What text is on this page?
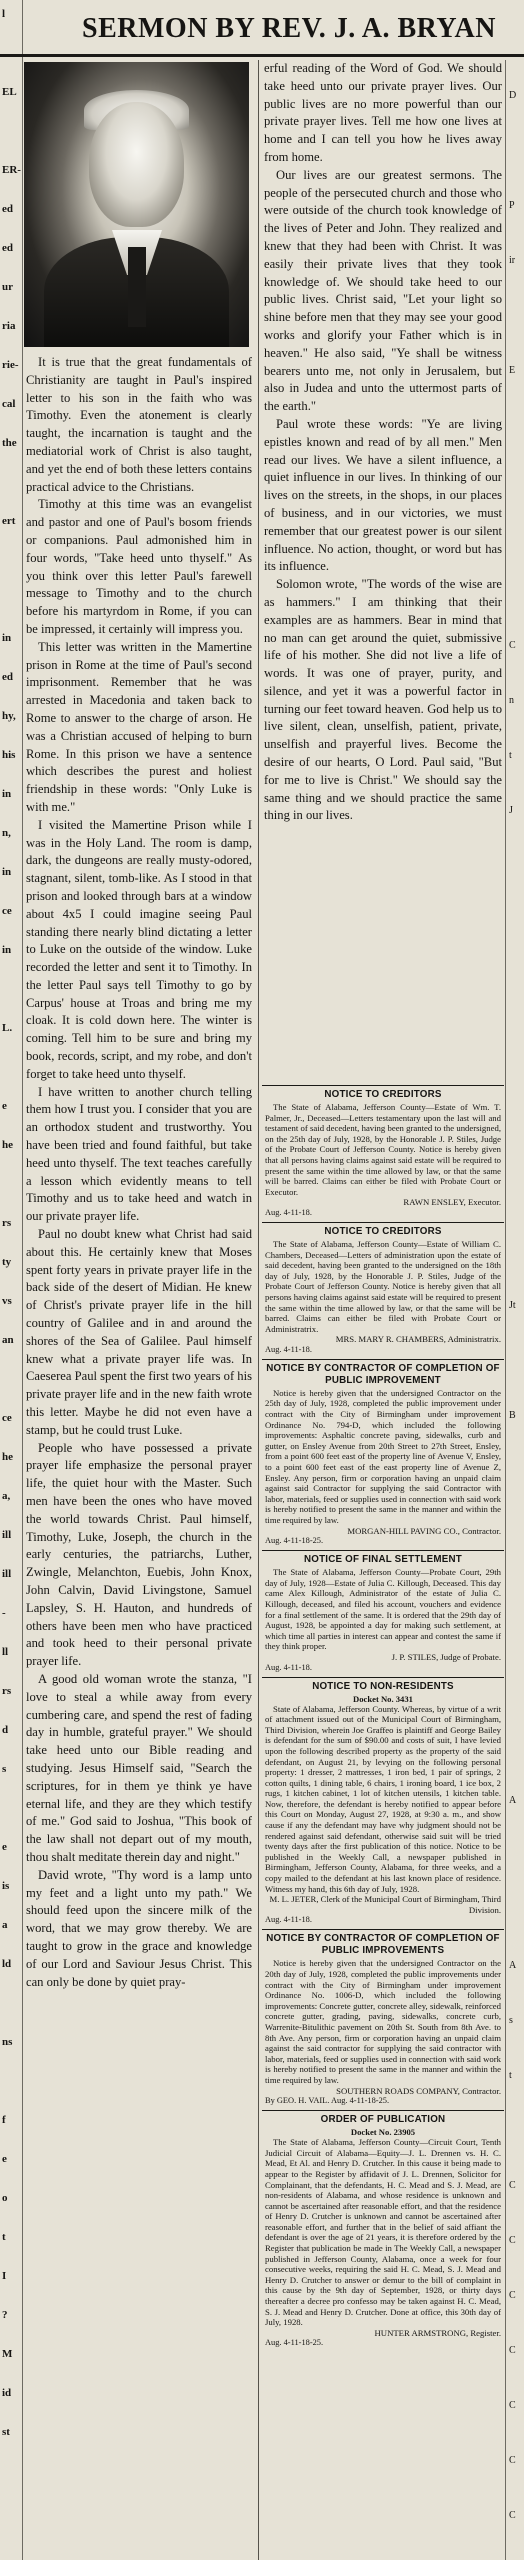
l
EL
ER-
ed
ed
ur
ria
rie-
cal
the
ert
in
ed
hy,
his
in
n,
in
ce
in
L.
e
he
rs
ty
vs
an
ce
he
a,
ill
ill
-
ll
rs
d
s
e
is
a
ld
ns
f
e
o
t
I
?
M
id
st
SERMON BY REV. J. A. BRYAN

It is true that the great fundamentals of Christianity are taught in Paul's inspired letter to his son in the faith who was Timothy. Even the atonement is clearly taught, the incarnation is taught and the mediatorial work of Christ is also taught, and yet the end of both these letters contains practical advice to the Christians.

Timothy at this time was an evangelist and pastor and one of Paul's bosom friends or companions. Paul admonished him in four words, "Take heed unto thyself." As you think over this letter Paul's farewell message to Timothy and to the church before his martyrdom in Rome, if you can be impressed, it certainly will impress you.

This letter was written in the Mamertine prison in Rome at the time of Paul's second imprisonment. Remember that he was arrested in Macedonia and taken back to Rome to answer to the charge of arson. He was a Christian accused of helping to burn Rome. In this prison we have a sentence which describes the purest and holiest friendship in these words: "Only Luke is with me."

I visited the Mamertine Prison while I was in the Holy Land. The room is damp, dark, the dungeons are really musty-odored, stagnant, silent, tomb-like. As I stood in that prison and looked through bars at a window about 4x5 I could imagine seeing Paul standing there nearly blind dictating a letter to Luke on the outside of the window. Luke recorded the letter and sent it to Timothy. In the letter Paul says tell Timothy to go by Carpus' house at Troas and bring me my cloak. It is cold down here. The winter is coming. Tell him to be sure and bring my book, records, script, and my robe, and don't forget to take heed unto thyself.

I have written to another church telling them how I trust you. I consider that you are an orthodox student and trustworthy. You have been tried and found faithful, but take heed unto thyself. The text teaches carefully a lesson which evidently means to tell Timothy and us to take heed and watch in our private prayer life.

Paul no doubt knew what Christ had said about this. He certainly knew that Moses spent forty years in private prayer life in the back side of the desert of Midian. He knew of Christ's private prayer life in the hill country of Galilee and in and around the shores of the Sea of Galilee. Paul himself knew what a private prayer life was. In Caeserea Paul spent the first two years of his private prayer life and in the new faith wrote this letter. Maybe he did not even have a stamp, but he could trust Luke.

People who have possessed a private prayer life emphasize the personal prayer life, the quiet hour with the Master. Such men have been the ones who have moved the world towards Christ. Paul himself, Timothy, Luke, Joseph, the church in the early centuries, the patriarchs, Luther, Zwingle, Melanchton, Euebis, John Knox, John Calvin, David Livingstone, Samuel Lapsley, S. H. Hauton, and hundreds of others have been men who have practiced and took heed to their personal private prayer life.

A good old woman wrote the stanza, "I love to steal a while away from every cumbering care, and spend the rest of fading day in humble, grateful prayer." We should take heed unto our Bible reading and studying. Jesus Himself said, "Search the scriptures, for in them ye think ye have eternal life, and they are they which testify of me." God said to Joshua, "This book of the law shall not depart out of my mouth, thou shalt meditate therein day and night."

David wrote, "Thy word is a lamp unto my feet and a light unto my path." We should feed upon the sincere milk of the word, that we may grow thereby. We are taught to grow in the grace and knowledge of our Lord and Saviour Jesus Christ. This can only be done by quiet pray-

erful reading of the Word of God. We should take heed unto our private prayer lives. Our public lives are no more powerful than our private prayer lives. Tell me how one lives at home and I can tell you how he lives away from home.

Our lives are our greatest sermons. The people of the persecuted church and those who were outside of the church took knowledge of the lives of Peter and John. They realized and knew that they had been with Christ. It was easily their private lives that they took knowledge of. We should take heed to our public lives. Christ said, "Let your light so shine before men that they may see your good works and glorify your Father which is in heaven." He also said, "Ye shall be witness bearers unto me, not only in Jerusalem, but also in Judea and unto the uttermost parts of the earth."

Paul wrote these words: "Ye are living epistles known and read of by all men." Men read our lives. We have a silent influence, a quiet influence in our lives. In thinking of our lives on the streets, in the shops, in our places of business, and in our victories, we must remember that our greatest power is our silent influence. No action, thought, or word but has its influence.

Solomon wrote, "The words of the wise are as hammers." I am thinking that their examples are as hammers. Bear in mind that no man can get around the quiet, submissive life of his mother. She did not live a life of words. It was one of prayer, purity, and silence, and yet it was a powerful factor in turning our feet toward heaven. God help us to live silent, clean, unselfish, patient, private, unselfish and prayerful lives. Become the desire of our hearts, O Lord. Paul said, "But for me to live is Christ." We should say the same thing and we should practice the same thing in our lives.

NOTICE TO CREDITORS

The State of Alabama, Jefferson County—Estate of Wm. T. Palmer, Jr., Deceased—Letters testamentary upon the last will and testament of said decedent, having been granted to the undersigned, on the 25th day of July, 1928, by the Honorable J. P. Stiles, Judge of the Probate Court of Jefferson County. Notice is hereby given that all persons having claims against said estate will be required to present the same within the time allowed by law, or that the same will be barred. Claims can either be filed with Probate Court or Executor.

RAWN ENSLEY, Executor.
Aug. 4-11-18.
NOTICE TO CREDITORS

The State of Alabama, Jefferson County—Estate of William C. Chambers, Deceased—Letters of administration upon the estate of said decedent, having been granted to the undersigned on the 18th day of July, 1928, by the Honorable J. P. Stiles, Judge of the Probate Court of Jefferson County. Notice is hereby given that all persons having claims against said estate will be required to present the same within the time allowed by law, or that the same will be barred. Claims can either be filed with Probate Court or Administratrix.

MRS. MARY R. CHAMBERS, Administratrix.
Aug. 4-11-18.
NOTICE BY CONTRACTOR OF COMPLETION OF PUBLIC IMPROVEMENT

Notice is hereby given that the undersigned Contractor on the 25th day of July, 1928, completed the public improvement under contract with the City of Birmingham under improvement Ordinance No. 794-D, which included the following improvements: Asphaltic concrete paving, sidewalks, curb and gutter, on Ensley Avenue from 20th Street to 27th Street, Ensley, from a point 600 feet east of the property line of Avenue V, Ensley, to a point 600 feet east of the east property line of Avenue Z, Ensley. Any person, firm or corporation having an unpaid claim against said Contractor for supplying the said Contractor with labor, materials, feed or supplies used in connection with said work is hereby notified to present the same in the manner and within the time required by law.

MORGAN-HILL PAVING CO., Contractor.
Aug. 4-11-18-25.
NOTICE OF FINAL SETTLEMENT

The State of Alabama, Jefferson County—Probate Court, 29th day of July, 1928—Estate of Julia C. Killough, Deceased. This day came Alex Killough, Administrator of the estate of Julia C. Killough, deceased, and filed his account, vouchers and evidence for a final settlement of the same. It is ordered that the 29th day of August, 1928, be appointed a day for making such settlement, at which time all parties in interest can appear and contest the same if they think proper.

J. P. STILES, Judge of Probate.
Aug. 4-11-18.
NOTICE TO NON-RESIDENTS
Docket No. 3431

State of Alabama, Jefferson County. Whereas, by virtue of a writ of attachment issued out of the Municipal Court of Birmingham, Third Division, wherein Joe Graffeo is plaintiff and George Bailey is defendant for the sum of $90.00 and costs of suit, I have levied upon the following described property as the property of the said defendant, on August 21, by levying on the following personal property: 1 dresser, 2 mattresses, 1 iron bed, 1 pair of springs, 2 cotton quilts, 1 dining table, 6 chairs, 1 ironing board, 1 ice box, 2 rugs, 1 kitchen cabinet, 1 lot of kitchen utensils, 1 kitchen table. Now, therefore, the defendant is hereby notified to appear before this Court on Monday, August 27, 1928, at 9:30 a. m., and show cause if any the defendant may have why judgment should not be rendered against said defendant, otherwise said suit will be tried twenty days after the first publication of this notice. Notice to be published in the Weekly Call, a newspaper published in Birmingham, Jefferson County, Alabama, for three weeks, and a copy mailed to the defendant at his last known place of residence. Witness my hand, this 6th day of July, 1928.

M. L. JETER, Clerk of the Municipal Court of Birmingham, Third Division.
Aug. 4-11-18.
NOTICE BY CONTRACTOR OF COMPLETION OF PUBLIC IMPROVEMENTS

Notice is hereby given that the undersigned Contractor on the 20th day of July, 1928, completed the public improvements under contract with the City of Birmingham under improvement Ordinance No. 1006-D, which included the following improvements: Concrete gutter, concrete alley, sidewalk, reinforced concrete gutter, grading, paving, sidewalks, concrete curb, Warrenite-Bitulithic pavement on 20th St. South from 8th Ave. to 8th Ave. Any person, firm or corporation having an unpaid claim against the said contractor for supplying the said contractor with labor, materials, feed or supplies used in connection with said work is hereby notified to present the same in the manner and within the time required by law.

SOUTHERN ROADS COMPANY, Contractor.
By GEO. H. VAIL. Aug. 4-11-18-25.
ORDER OF PUBLICATION
Docket No. 23905

The State of Alabama, Jefferson County—Circuit Court, Tenth Judicial Circuit of Alabama—Equity—J. L. Drennen vs. H. C. Mead, Et Al. and Henry D. Crutcher. In this cause it being made to appear to the Register by affidavit of J. L. Drennen, Solicitor for Complainant, that the defendants, H. C. Mead and S. J. Mead, are non-residents of Alabama, and whose residence is unknown and cannot be ascertained after reasonable effort, and that the residence of Henry D. Crutcher is unknown and cannot be ascertained after reasonable effort, and further that in the belief of said affiant the defendant is over the age of 21 years, it is therefore ordered by the Register that publication be made in The Weekly Call, a newspaper published in Jefferson County, Alabama, once a week for four consecutive weeks, requiring the said H. C. Mead, S. J. Mead and Henry D. Crutcher to answer or demur to the bill of complaint in this cause by the 9th day of September, 1928, or thirty days thereafter a decree pro confesso may be taken against H. C. Mead, S. J. Mead and Henry D. Crutcher. Done at office, this 30th day of July, 1928.

HUNTER ARMSTRONG, Register.
Aug. 4-11-18-25.
D
P
ir
E
C
n
t
J
Jt
B
A
A
s
t
C
C
C
C
C
C
C
